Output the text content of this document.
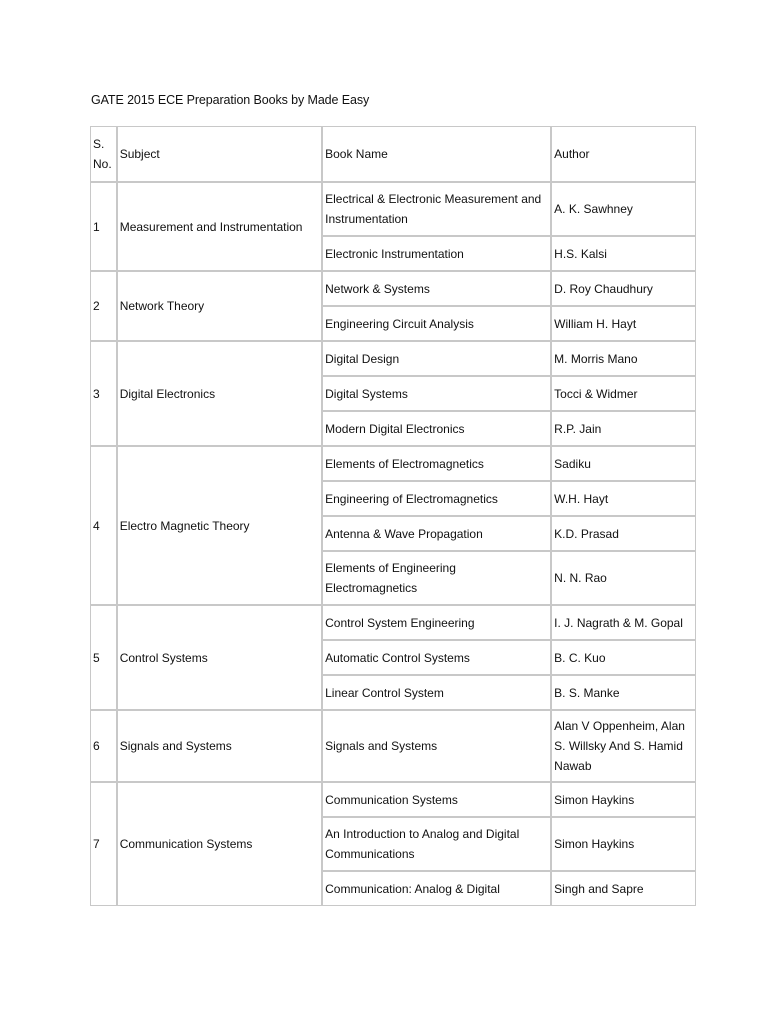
GATE 2015 ECE Preparation Books by Made Easy
S. No.	Subject	Book Name	Author
1	Measurement and Instrumentation	Electrical & Electronic Measurement and Instrumentation	A. K. Sawhney
		Electronic Instrumentation	H.S. Kalsi
2	Network Theory	Network & Systems	D. Roy Chaudhury
		Engineering Circuit Analysis	William H. Hayt
3	Digital Electronics	Digital Design	M. Morris Mano
		Digital Systems	Tocci & Widmer
		Modern Digital Electronics	R.P. Jain
4	Electro Magnetic Theory	Elements of Electromagnetics	Sadiku
		Engineering of Electromagnetics	W.H. Hayt
		Antenna & Wave Propagation	K.D. Prasad
		Elements of Engineering Electromagnetics	N. N. Rao
5	Control Systems	Control System Engineering	I. J. Nagrath & M. Gopal
		Automatic Control Systems	B. C. Kuo
		Linear Control System	B. S. Manke
6	Signals and Systems	Signals and Systems	Alan V Oppenheim, Alan S. Willsky And S. Hamid Nawab
7	Communication Systems	Communication Systems	Simon Haykins
		An Introduction to Analog and Digital Communications	Simon Haykins
		Communication: Analog & Digital	Singh and Sapre
